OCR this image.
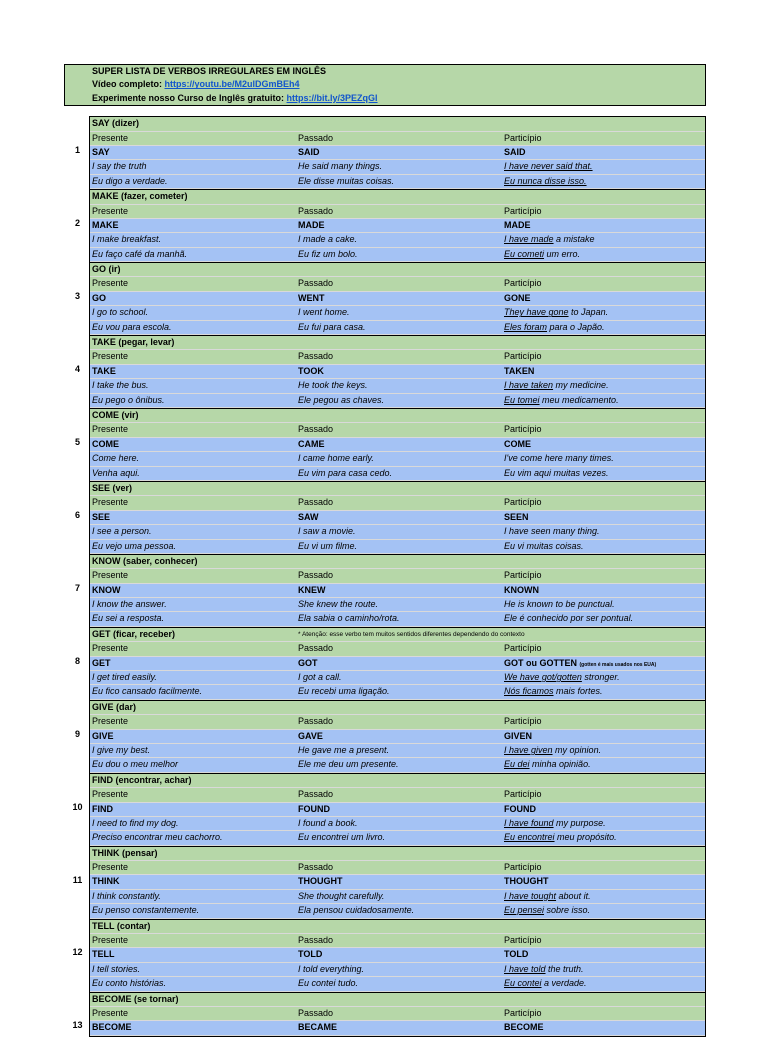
SUPER LISTA DE VERBOS IRREGULARES EM INGLÊS
Vídeo completo: https://youtu.be/M2ulDGmBEh4
Experimente nosso Curso de Inglês gratuito: https://bit.ly/3PEZqGl
1
SAY (dizer)
Presente	Passado	Particípio
SAY	SAID	SAID
I say the truth	He said many things.	I have never said that.
Eu digo a verdade.	Ele disse muitas coisas.	Eu nunca disse isso.
2
MAKE (fazer, cometer)
Presente	Passado	Particípio
MAKE	MADE	MADE
I make breakfast.	I made a cake.	I have made a mistake
Eu faço café da manhã.	Eu fiz um bolo.	Eu cometi um erro.
3
GO (ir)
Presente	Passado	Particípio
GO	WENT	GONE
I go to school.	I went home.	They have gone to Japan.
Eu vou para escola.	Eu fui para casa.	Eles foram para o Japão.
4
TAKE (pegar, levar)
Presente	Passado	Particípio
TAKE	TOOK	TAKEN
I take the bus.	He took the keys.	I have taken my medicine.
Eu pego o ônibus.	Ele pegou as chaves.	Eu tomei meu medicamento.
5
COME (vir)
Presente	Passado	Particípio
COME	CAME	COME
Come here.	I came home early.	I've come here many times.
Venha aqui.	Eu vim para casa cedo.	Eu vim aqui muitas vezes.
6
SEE (ver)
Presente	Passado	Particípio
SEE	SAW	SEEN
I see a person.	I saw a movie.	I have seen many thing.
Eu vejo uma pessoa.	Eu vi um filme.	Eu vi muitas coisas.
7
KNOW (saber, conhecer)
Presente	Passado	Particípio
KNOW	KNEW	KNOWN
I know the answer.	She knew the route.	He is known to be punctual.
Eu sei a resposta.	Ela sabia o caminho/rota.	Ele é conhecido por ser pontual.
8
GET (ficar, receber)	* Atenção: esse verbo tem muitos sentidos diferentes dependendo do contexto
Presente	Passado	Particípio
GET	GOT	GOT ou GOTTEN (gotten é mais usados nos EUA)
I get tired easily.	I got a call.	We have got/gotten stronger.
Eu fico cansado facilmente.	Eu recebi uma ligação.	Nós ficamos mais fortes.
9
GIVE (dar)
Presente	Passado	Particípio
GIVE	GAVE	GIVEN
I give my best.	He gave me a present.	I have given my opinion.
Eu dou o meu melhor	Ele me deu um presente.	Eu dei minha opinião.
10
FIND (encontrar, achar)
Presente	Passado	Particípio
FIND	FOUND	FOUND
I need to find my dog.	I found a book.	I have found my purpose.
Preciso encontrar meu cachorro.	Eu encontrei um livro.	Eu encontrei meu propósito.
11
THINK (pensar)
Presente	Passado	Particípio
THINK	THOUGHT	THOUGHT
I think constantly.	She thought carefully.	I have tought about it.
Eu penso constantemente.	Ela pensou cuidadosamente.	Eu pensei sobre isso.
12
TELL (contar)
Presente	Passado	Particípio
TELL	TOLD	TOLD
I tell stories.	I told everything.	I have told the truth.
Eu conto histórias.	Eu contei tudo.	Eu contei a verdade.
13
BECOME (se tornar)
Presente	Passado	Particípio
BECOME	BECAME	BECOME
